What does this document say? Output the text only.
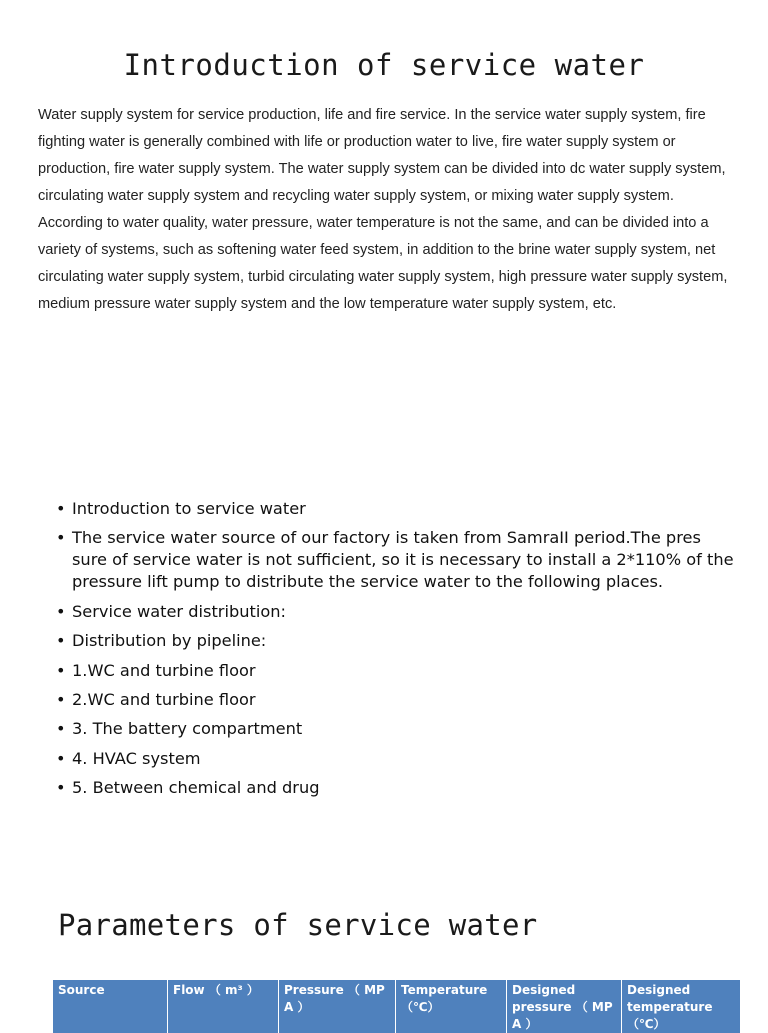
Introduction of service water

Water supply system for service production, life and fire service. In the service water supply system, fire fighting water is generally combined with life or production water to live, fire water supply system or production, fire water supply system. The water supply system can be divided into dc water supply system, circulating water supply system and recycling water supply system, or mixing water supply system. According to water quality, water pressure, water temperature is not the same, and can be divided into a variety of systems, such as softening water feed system, in addition to the brine water supply system, net circulating water supply system, turbid circulating water supply system, high pressure water supply system, medium pressure water supply system and the low temperature water supply system, etc.

• Introduction to service water
• The service water source of our factory is taken from SamraII period.The pres sure of service water is not sufficient, so it is necessary to install a 2*110% of the pressure lift pump to distribute the service water to the following places.
• Service water distribution:
• Distribution by pipeline:
• 1.WC and turbine floor
• 2.WC and turbine floor
• 3. The battery compartment
• 4. HVAC system
• 5. Between chemical and drug
Parameters of service water
Source	Flow （ m³ ）	Pressure （ MP A ）	Temperature （℃）	Designed pressure （ MP A ）	Designed temperature （℃）
